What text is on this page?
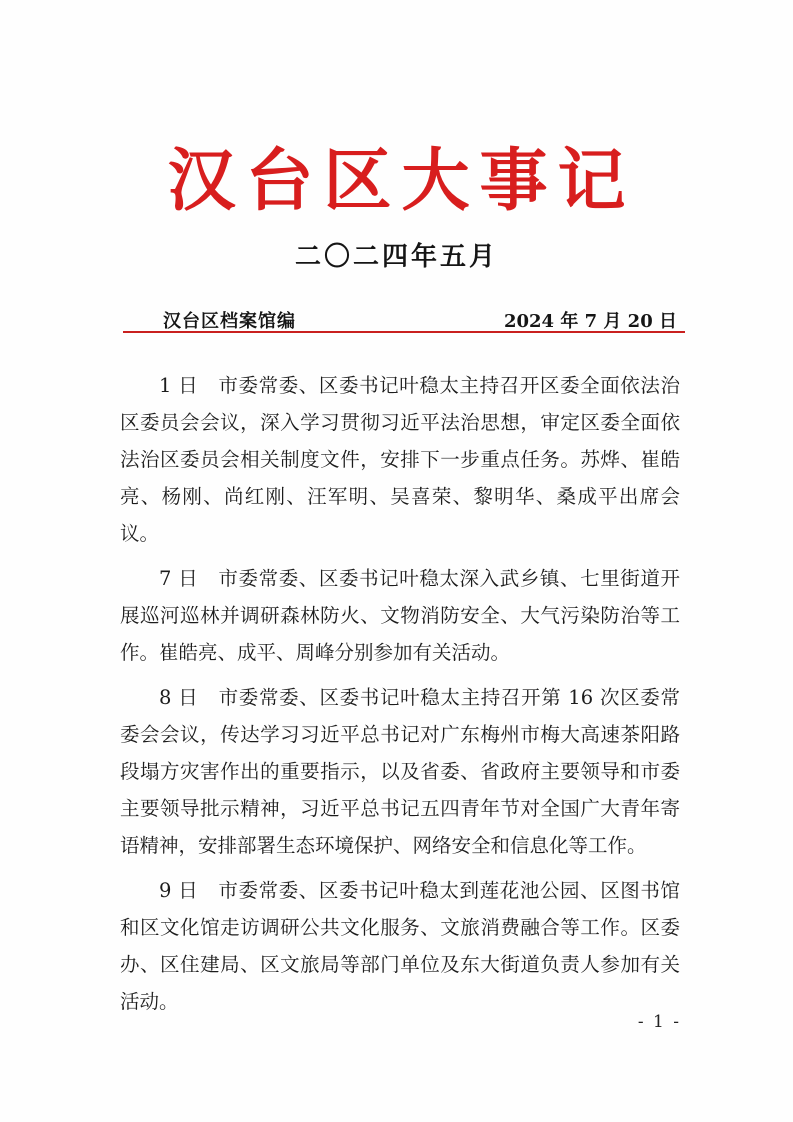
汉台区大事记
二〇二四年五月
汉台区档案馆编	2024 年 7 月 20 日

1 日　 市委常委、区委书记叶稳太主持召开区委全面依法治区委员会会议，深入学习贯彻习近平法治思想，审定区委全面依法治区委员会相关制度文件，安排下一步重点任务。苏烨、崔皓亮、杨刚、尚红刚、汪军明、吴喜荣、黎明华、桑成平出席会议。

7 日　 市委常委、区委书记叶稳太深入武乡镇、七里街道开展巡河巡林并调研森林防火、文物消防安全、大气污染防治等工作。崔皓亮、成平、周峰分别参加有关活动。

8 日　 市委常委、区委书记叶稳太主持召开第 16 次区委常委会会议，传达学习习近平总书记对广东梅州市梅大高速茶阳路段塌方灾害作出的重要指示，以及省委、省政府主要领导和市委主要领导批示精神，习近平总书记五四青年节对全国广大青年寄语精神，安排部署生态环境保护、网络安全和信息化等工作。

9 日　 市委常委、区委书记叶稳太到莲花池公园、区图书馆和区文化馆走访调研公共文化服务、文旅消费融合等工作。区委办、区住建局、区文旅局等部门单位及东大街道负责人参加有关活动。

- 1 -
